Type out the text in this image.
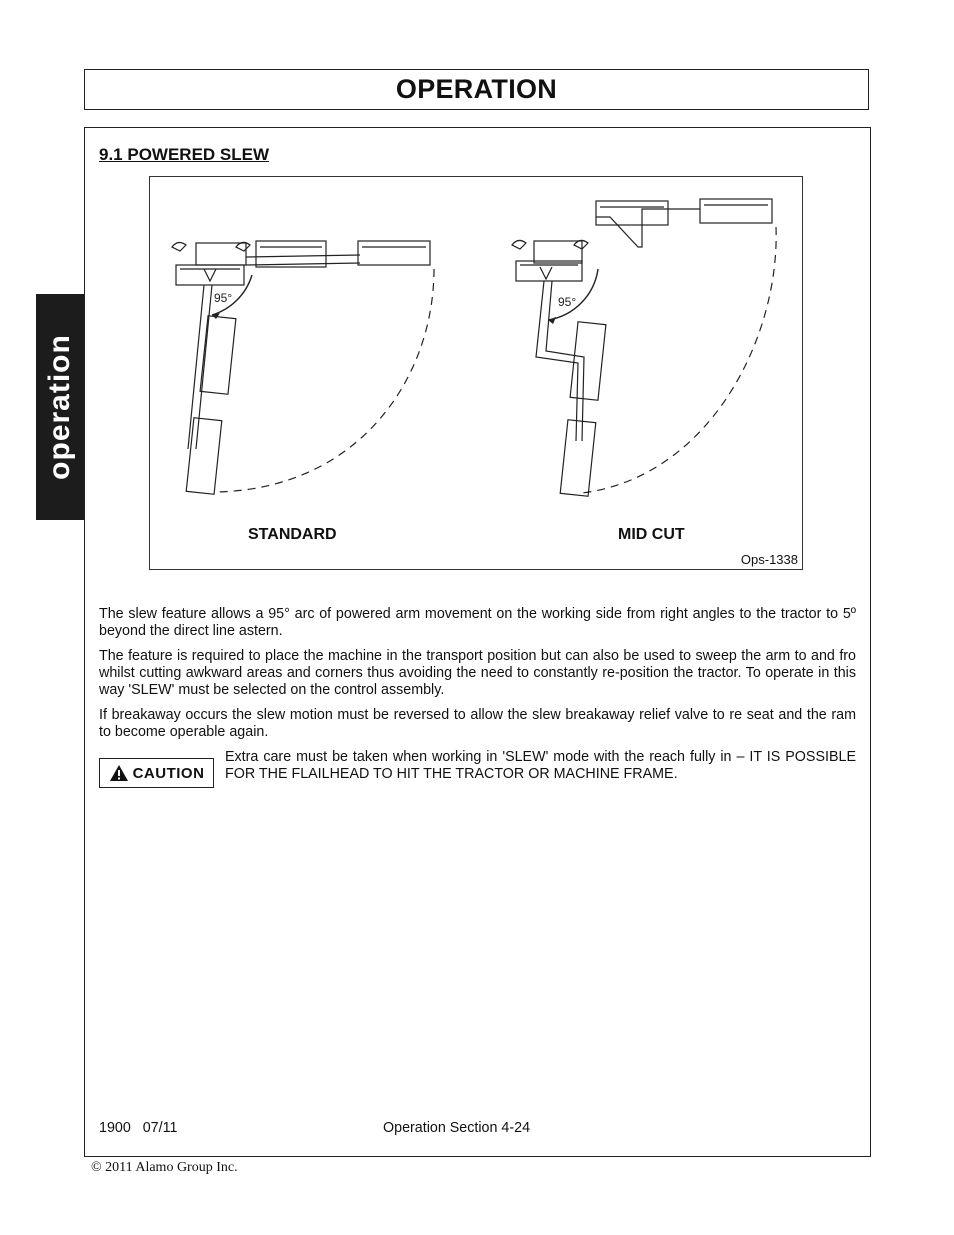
OPERATION
operation
9.1 POWERED SLEW
95°	95°
STANDARD	MID CUT
Ops-1338

The slew feature allows a 95° arc of powered arm movement on the working side from right angles to the tractor to 5º beyond the direct line astern.

The feature is required to place the machine in the transport position but can also be used to sweep the arm to and fro whilst cutting awkward areas and corners thus avoiding the need to constantly re-position the tractor. To operate in this way 'SLEW' must be selected on the control assembly.

If breakaway occurs the slew motion must be reversed to allow the slew breakaway relief valve to re seat and the ram to become operable again.

CAUTION

Extra care must be taken when working in 'SLEW' mode with the reach fully in – IT IS POSSIBLE FOR THE FLAILHEAD TO HIT THE TRACTOR OR MACHINE FRAME.

1900   07/11	Operation Section 4-24
© 2011 Alamo Group Inc.
